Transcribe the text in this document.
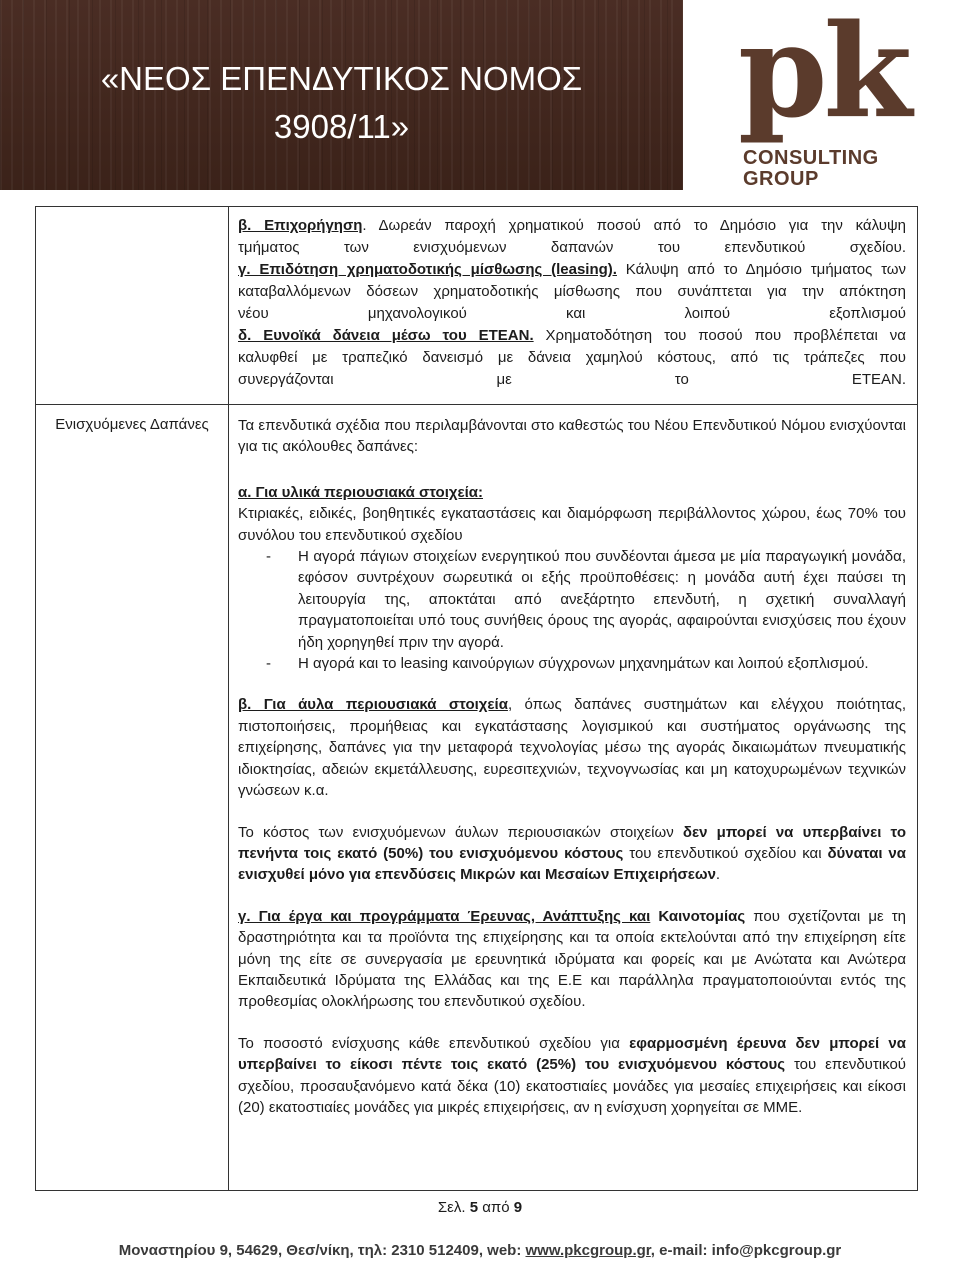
«ΝΕΟΣ ΕΠΕΝΔΥΤΙΚΟΣ ΝΟΜΟΣ
3908/11»	pk
CONSULTING
GROUP

β. Επιχορήγηση. Δωρεάν παροχή χρηματικού ποσού από το Δημόσιο για την κάλυψη

τμήματος των ενισχυόμενων δαπανών του επενδυτικού σχεδίου.

γ. Επιδότηση χρηματοδοτικής μίσθωσης (leasing). Κάλυψη από το Δημόσιο τμήματος των

καταβαλλόμενων δόσεων χρηματοδοτικής μίσθωσης που συνάπτεται για την απόκτηση

νέου μηχανολογικού και λοιπού εξοπλισμού

δ. Ευνοϊκά δάνεια μέσω του ΕΤΕΑΝ. Χρηματοδότηση του ποσού που προβλέπεται να

καλυφθεί με τραπεζικό δανεισμό με δάνεια χαμηλού κόστους, από τις τράπεζες που

συνεργάζονται με το ΕΤΕΑΝ.

Ενισχυόμενες Δαπάνες	Τα επενδυτικά σχέδια που περιλαμβάνονται στο καθεστώς του Νέου Επενδυτικού Νόμου ενισχύονται για τις ακόλουθες δαπάνες:

α. Για υλικά περιουσιακά στοιχεία:

Κτιριακές, ειδικές, βοηθητικές εγκαταστάσεις και διαμόρφωση περιβάλλοντος χώρου, έως 70% του συνόλου του επενδυτικού σχεδίου

- Η αγορά πάγιων στοιχείων ενεργητικού που συνδέονται άμεσα με μία παραγωγική μονάδα, εφόσον συντρέχουν σωρευτικά οι εξής προϋποθέσεις: η μονάδα αυτή έχει παύσει τη λειτουργία της, αποκτάται από ανεξάρτητο επενδυτή, η σχετική συναλλαγή πραγματοποιείται υπό τους συνήθεις όρους της αγοράς, αφαιρούνται ενισχύσεις που έχουν ήδη χορηγηθεί πριν την αγορά.

- Η αγορά και το leasing καινούργιων σύγχρονων μηχανημάτων και λοιπού εξοπλισμού.

β. Για άυλα περιουσιακά στοιχεία, όπως δαπάνες συστημάτων και ελέγχου ποιότητας, πιστοποιήσεις, προμήθειας και εγκατάστασης λογισμικού και συστήματος οργάνωσης της επιχείρησης, δαπάνες για την μεταφορά τεχνολογίας μέσω της αγοράς δικαιωμάτων πνευματικής ιδιοκτησίας, αδειών εκμετάλλευσης, ευρεσιτεχνιών, τεχνογνωσίας και μη κατοχυρωμένων τεχνικών γνώσεων κ.α.

Το κόστος των ενισχυόμενων άυλων περιουσιακών στοιχείων δεν μπορεί να υπερβαίνει το πενήντα τοις εκατό (50%) του ενισχυόμενου κόστους του επενδυτικού σχεδίου και δύναται να ενισχυθεί μόνο για επενδύσεις Μικρών και Μεσαίων Επιχειρήσεων.

γ. Για έργα και προγράμματα Έρευνας, Ανάπτυξης και Καινοτομίας που σχετίζονται με τη δραστηριότητα και τα προϊόντα της επιχείρησης και τα οποία εκτελούνται από την επιχείρηση είτε μόνη της είτε σε συνεργασία με ερευνητικά ιδρύματα και φορείς και με Ανώτατα και Ανώτερα Εκπαιδευτικά Ιδρύματα της Ελλάδας και της Ε.Ε και παράλληλα πραγματοποιούνται εντός της προθεσμίας ολοκλήρωσης του επενδυτικού σχεδίου.

Το ποσοστό ενίσχυσης κάθε επενδυτικού σχεδίου για εφαρμοσμένη έρευνα δεν μπορεί να υπερβαίνει το είκοσι πέντε τοις εκατό (25%) του ενισχυόμενου κόστους του επενδυτικού σχεδίου, προσαυξανόμενο κατά δέκα (10) εκατοστιαίες μονάδες για μεσαίες επιχειρήσεις και είκοσι (20) εκατοστιαίες μονάδες για μικρές επιχειρήσεις, αν η ενίσχυση χορηγείται σε ΜΜΕ.

Σελ. 5 από 9
Μοναστηρίου 9, 54629, Θεσ/νίκη, τηλ: 2310 512409, web: www.pkcgroup.gr, e-mail: info@pkcgroup.gr
